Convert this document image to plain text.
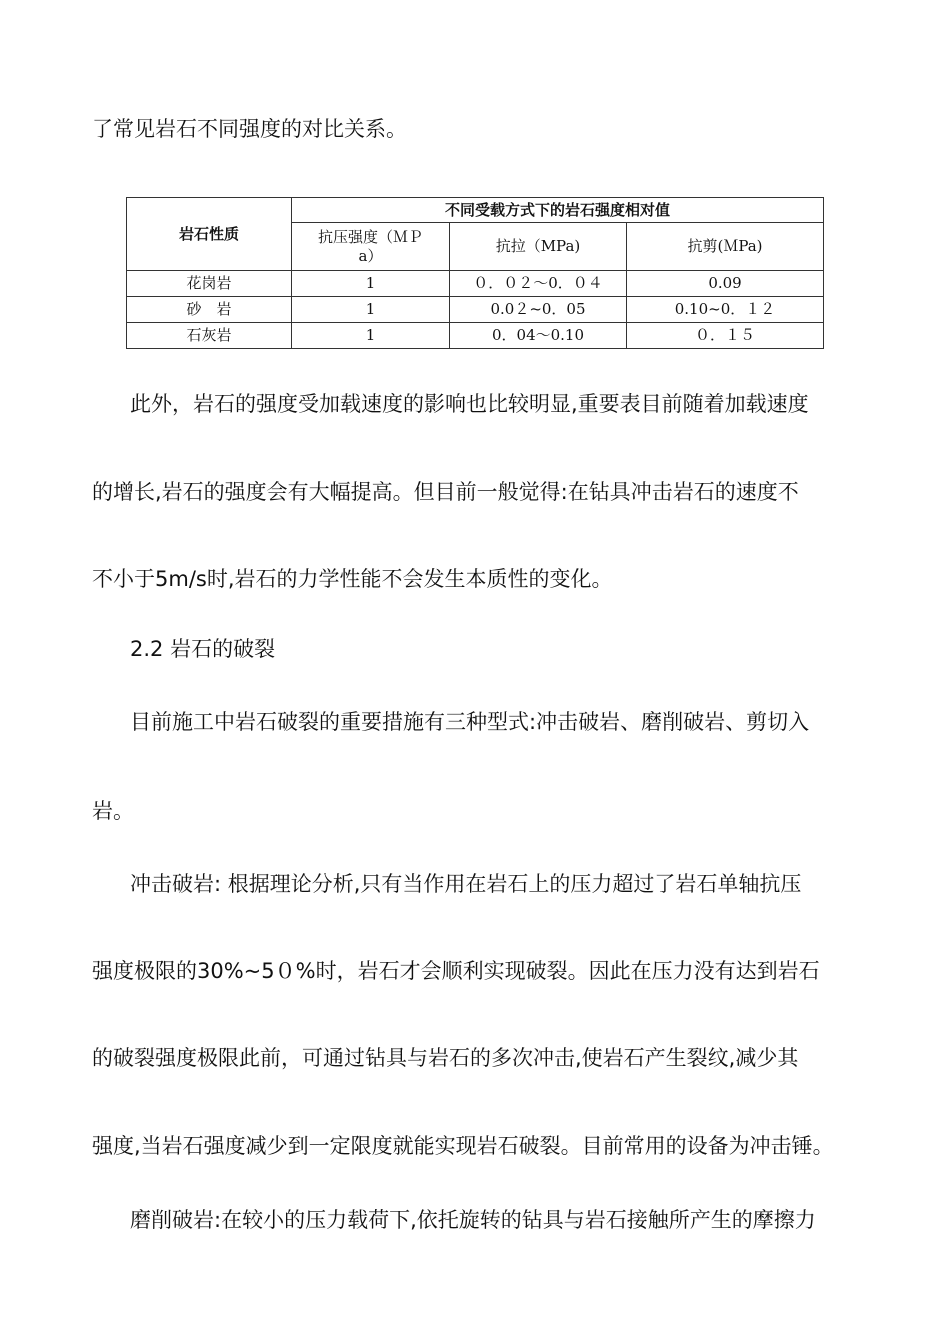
了常见岩石不同强度的对比关系。
岩石性质	不同受载方式下的岩石强度相对值		
	抗压强度（ＭＰa）	抗拉（MPa)	抗剪(ＭPa)
花岗岩	1	０．０２～0．０４	0.09
砂　岩	1	0.0２~0．05	0.10~0．１２
石灰岩	1	0．04～0.10	０．１５
此外，岩石的强度受加载速度的影响也比较明显,重要表目前随着加载速度
的增长,岩石的强度会有大幅提高。但目前一般觉得:在钻具冲击岩石的速度不
不小于5m/s时,岩石的力学性能不会发生本质性的变化。
2.2 岩石的破裂
目前施工中岩石破裂的重要措施有三种型式:冲击破岩、磨削破岩、剪切入
岩。
冲击破岩: 根据理论分析,只有当作用在岩石上的压力超过了岩石单轴抗压
强度极限的30%~5０%时，岩石才会顺利实现破裂。因此在压力没有达到岩石
的破裂强度极限此前，可通过钻具与岩石的多次冲击,使岩石产生裂纹,减少其
强度,当岩石强度减少到一定限度就能实现岩石破裂。目前常用的设备为冲击锤。
磨削破岩:在较小的压力载荷下,依托旋转的钻具与岩石接触所产生的摩擦力
